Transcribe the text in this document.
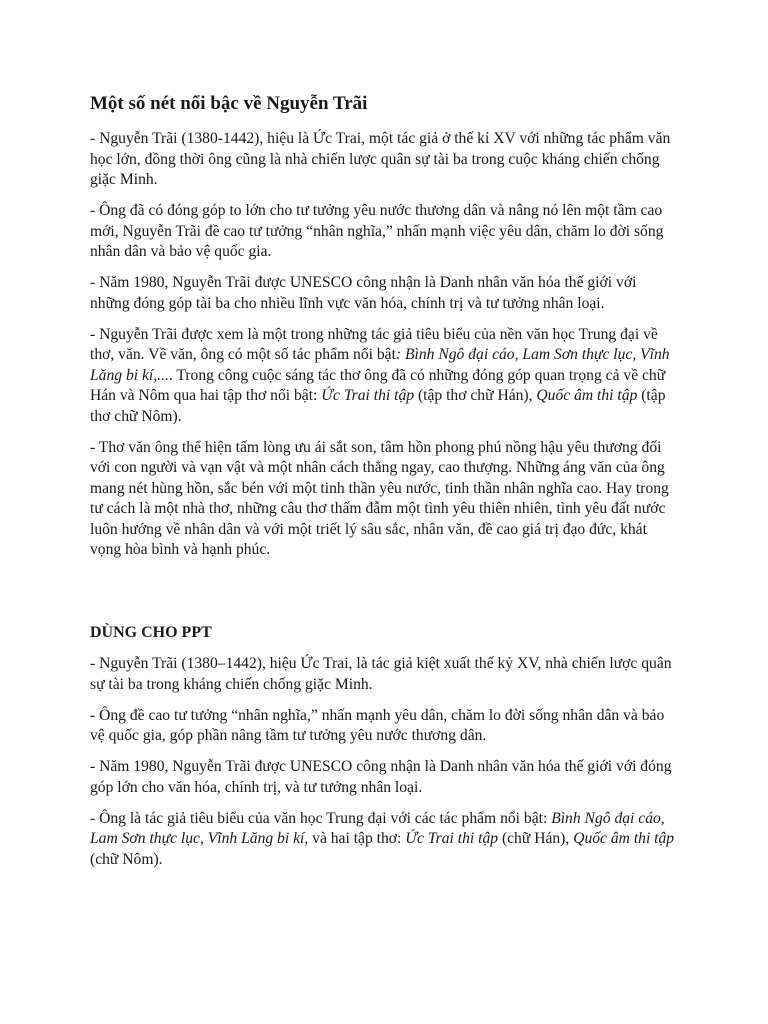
Một số nét nổi bậc về Nguyễn Trãi

- Nguyễn Trãi (1380-1442), hiệu là Ức Trai, một tác giả ở thế kỉ XV với những tác phẩm văn học lớn, đồng thời ông cũng là nhà chiến lược quân sự tài ba trong cuộc kháng chiến chống giặc Minh.

- Ông đã có đóng góp to lớn cho tư tưởng yêu nước thương dân và nâng nó lên một tầm cao mới, Nguyễn Trãi đề cao tư tưởng “nhân nghĩa,” nhấn mạnh việc yêu dân, chăm lo đời sống nhân dân và bảo vệ quốc gia.

- Năm 1980, Nguyễn Trãi được UNESCO công nhận là Danh nhân văn hóa thế giới với những đóng góp tài ba cho nhiều lĩnh vực văn hóa, chính trị và tư tưởng nhân loại.

- Nguyễn Trãi được xem là một trong những tác giả tiêu biểu của nền văn học Trung đại về thơ, văn. Về văn, ông có một số tác phẩm nổi bật: Bình Ngô đại cáo, Lam Sơn thực lục, Vĩnh Lăng bi kí,.... Trong công cuộc sáng tác thơ ông đã có những đóng góp quan trọng cả về chữ Hán và Nôm qua hai tập thơ nổi bật: Ức Trai thi tập (tập thơ chữ Hán), Quốc âm thi tập (tập thơ chữ Nôm).

- Thơ văn ông thể hiện tấm lòng ưu ái sắt son, tâm hồn phong phú nồng hậu yêu thương đối với con người và vạn vật và một nhân cách thẳng ngay, cao thượng. Những áng văn của ông mang nét hùng hồn, sắc bén với một tinh thần yêu nước, tinh thần nhân nghĩa cao. Hay trong tư cách là một nhà thơ, những câu thơ thấm đẫm một tình yêu thiên nhiên, tình yêu đất nước luôn hướng về nhân dân và với một triết lý sâu sắc, nhân văn, đề cao giá trị đạo đức, khát vọng hòa bình và hạnh phúc.

DÙNG CHO PPT

- Nguyễn Trãi (1380–1442), hiệu Ức Trai, là tác giả kiệt xuất thế kỷ XV, nhà chiến lược quân sự tài ba trong kháng chiến chống giặc Minh.

- Ông đề cao tư tưởng “nhân nghĩa,” nhấn mạnh yêu dân, chăm lo đời sống nhân dân và bảo vệ quốc gia, góp phần nâng tầm tư tưởng yêu nước thương dân.

- Năm 1980, Nguyễn Trãi được UNESCO công nhận là Danh nhân văn hóa thế giới với đóng góp lớn cho văn hóa, chính trị, và tư tưởng nhân loại.

- Ông là tác giả tiêu biểu của văn học Trung đại với các tác phẩm nổi bật: Bình Ngô đại cáo, Lam Sơn thực lục, Vĩnh Lăng bi kí, và hai tập thơ: Ức Trai thi tập (chữ Hán), Quốc âm thi tập (chữ Nôm).
